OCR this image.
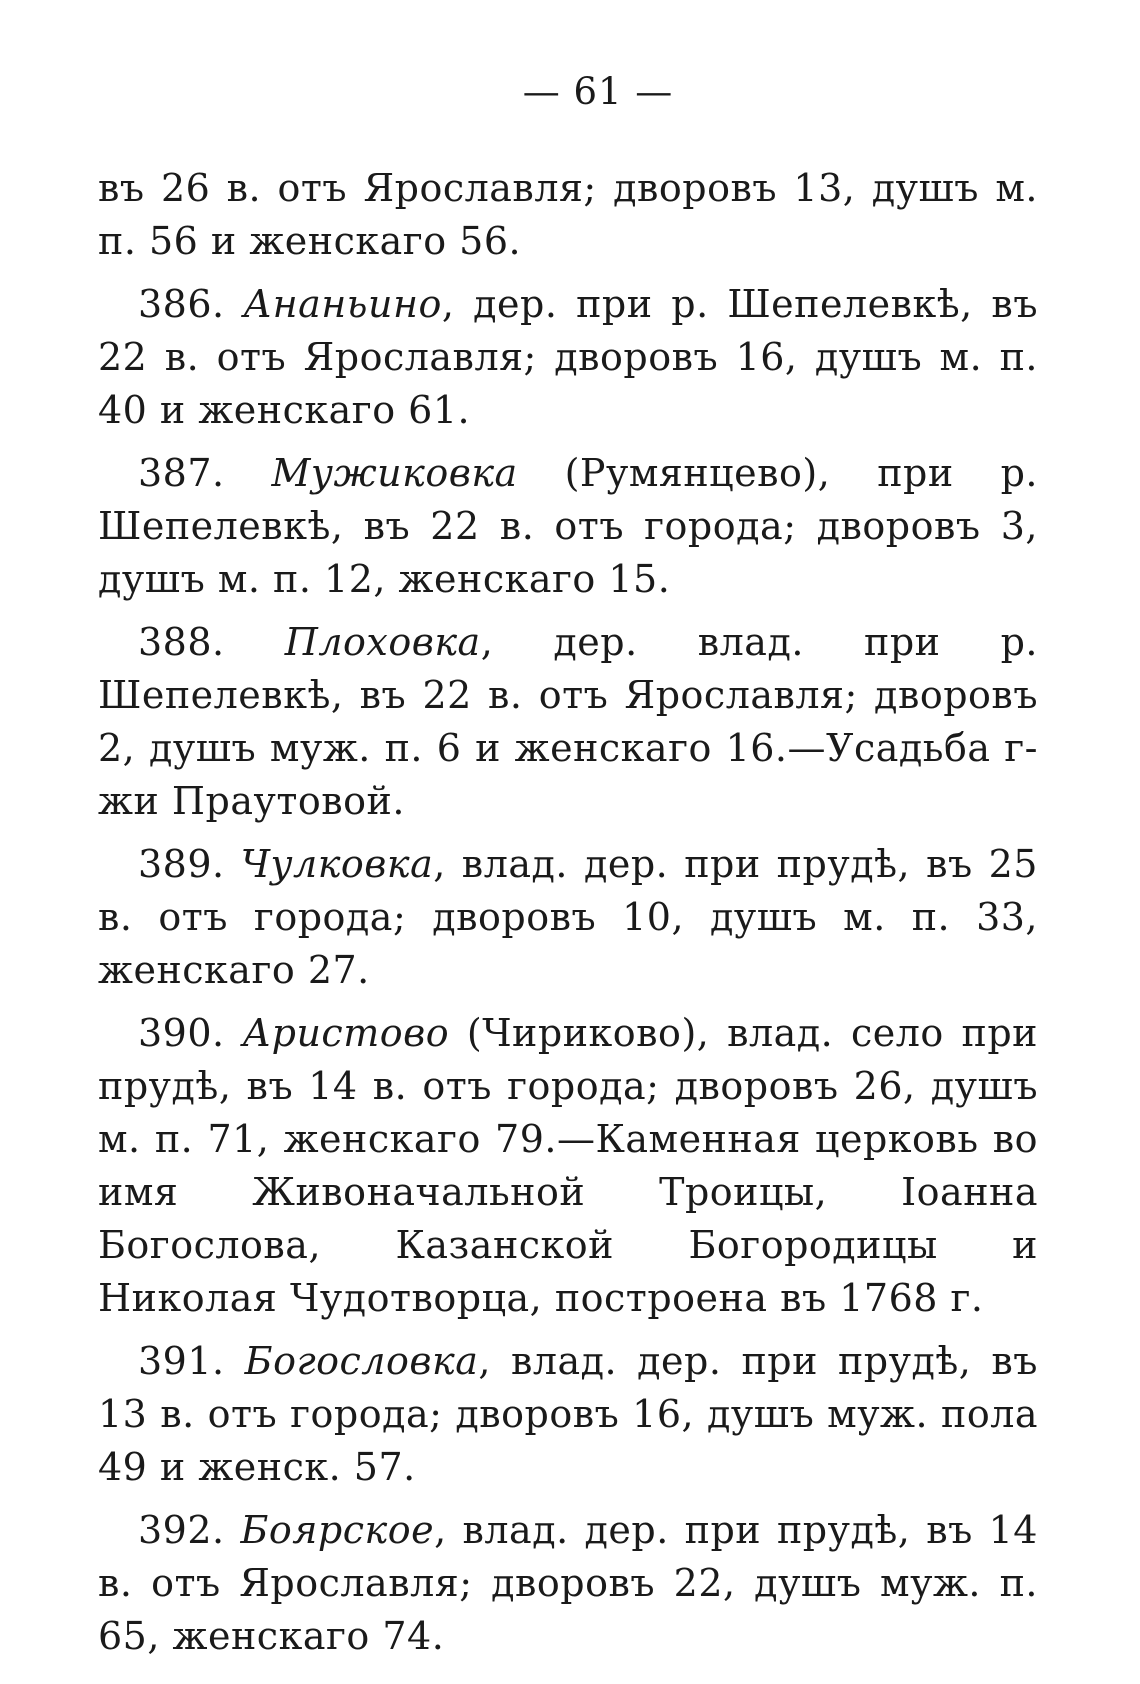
— 61 —
въ 26 в. отъ Ярославля; дворовъ 13, душъ м. п. 56 и женскаго 56.
386. Ананьино, дер. при р. Шепелевкѣ, въ 22 в. отъ Ярославля; дворовъ 16, душъ м. п. 40 и женскаго 61.
387. Мужиковка (Румянцево), при р. Шепелевкѣ, въ 22 в. отъ города; дворовъ 3, душъ м. п. 12, женскаго 15.
388. Плоховка, дер. влад. при р. Шепелевкѣ, въ 22 в. отъ Ярославля; дворовъ 2, душъ муж. п. 6 и женскаго 16.—Усадьба г-жи Праутовой.
389. Чулковка, влад. дер. при прудѣ, въ 25 в. отъ города; дворовъ 10, душъ м. п. 33, женскаго 27.
390. Аристово (Чириково), влад. село при прудѣ, въ 14 в. отъ города; дворовъ 26, душъ м. п. 71, женскаго 79.—Каменная церковь во имя Живоначальной Троицы, Іоанна Богослова, Казанской Богородицы и Николая Чудотворца, построена въ 1768 г.
391. Богословка, влад. дер. при прудѣ, въ 13 в. отъ города; дворовъ 16, душъ муж. пола 49 и женск. 57.
392. Боярское, влад. дер. при прудѣ, въ 14 в. отъ Ярославля; дворовъ 22, душъ муж. п. 65, женскаго 74.
